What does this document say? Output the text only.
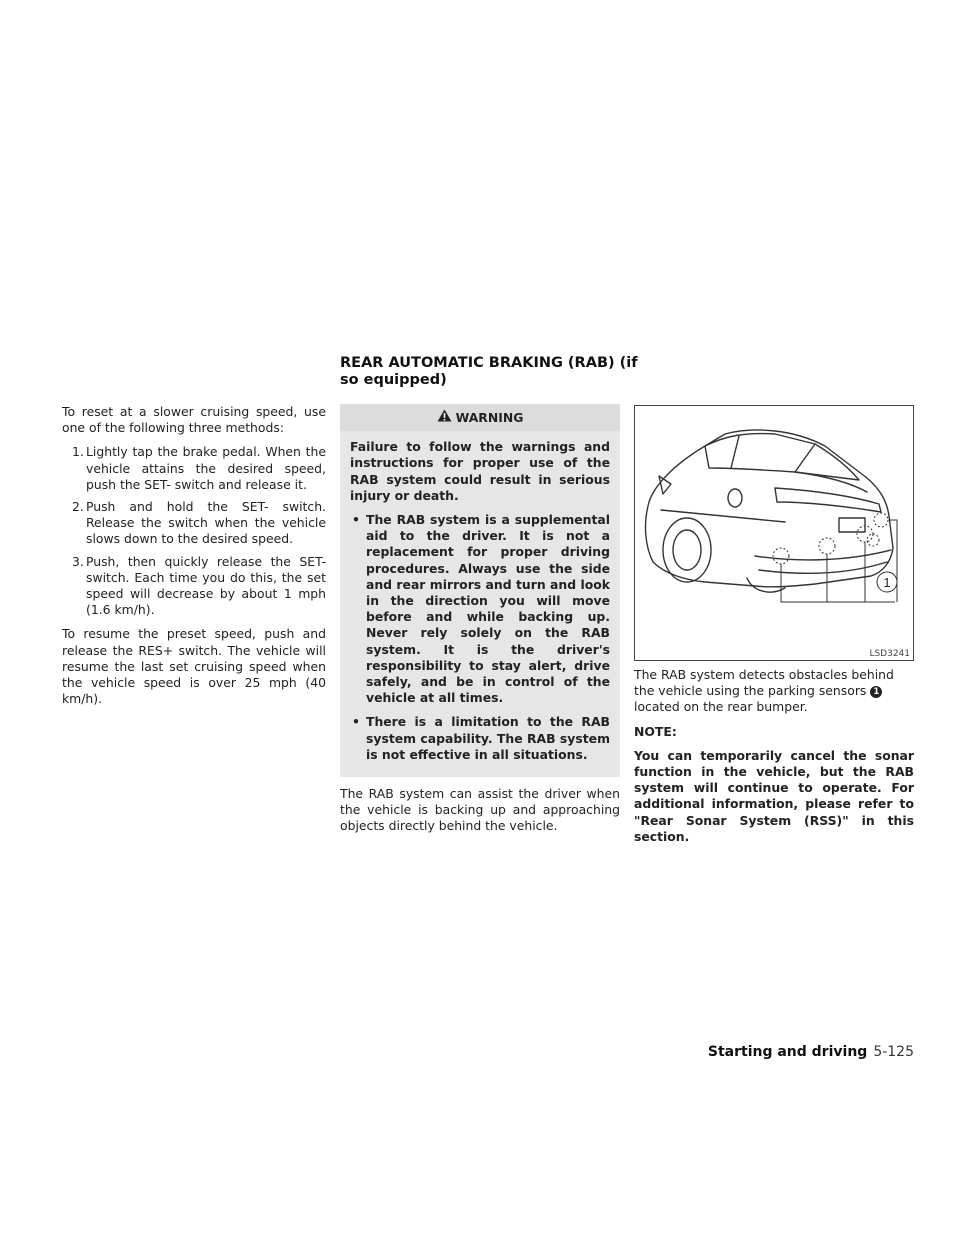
To reset at a slower cruising speed, use one of the following three methods:

1. Lightly tap the brake pedal. When the vehicle attains the desired speed, push the SET- switch and release it.
2. Push and hold the SET- switch. Release the switch when the vehicle slows down to the desired speed.
3. Push, then quickly release the SET- switch. Each time you do this, the set speed will decrease by about 1 mph (1.6 km/h).

To resume the preset speed, push and release the RES+ switch. The vehicle will resume the last set cruising speed when the vehicle speed is over 25 mph (40 km/h).

REAR AUTOMATIC BRAKING (RAB) (if so equipped)
WARNING

Failure to follow the warnings and instructions for proper use of the RAB system could result in serious injury or death.

• The RAB system is a supplemental aid to the driver. It is not a replacement for proper driving procedures. Always use the side and rear mirrors and turn and look in the direction you will move before and while backing up. Never rely solely on the RAB system. It is the driver's responsibility to stay alert, drive safely, and be in control of the vehicle at all times.
• There is a limitation to the RAB system capability. The RAB system is not effective in all situations.

The RAB system can assist the driver when the vehicle is backing up and approaching objects directly behind the vehicle.

1
LSD3241

The RAB system detects obstacles behind the vehicle using the parking sensors 1 located on the rear bumper.

NOTE:

You can temporarily cancel the sonar function in the vehicle, but the RAB system will continue to operate. For additional information, please refer to "Rear Sonar System (RSS)" in this section.

Starting and driving 5-125
